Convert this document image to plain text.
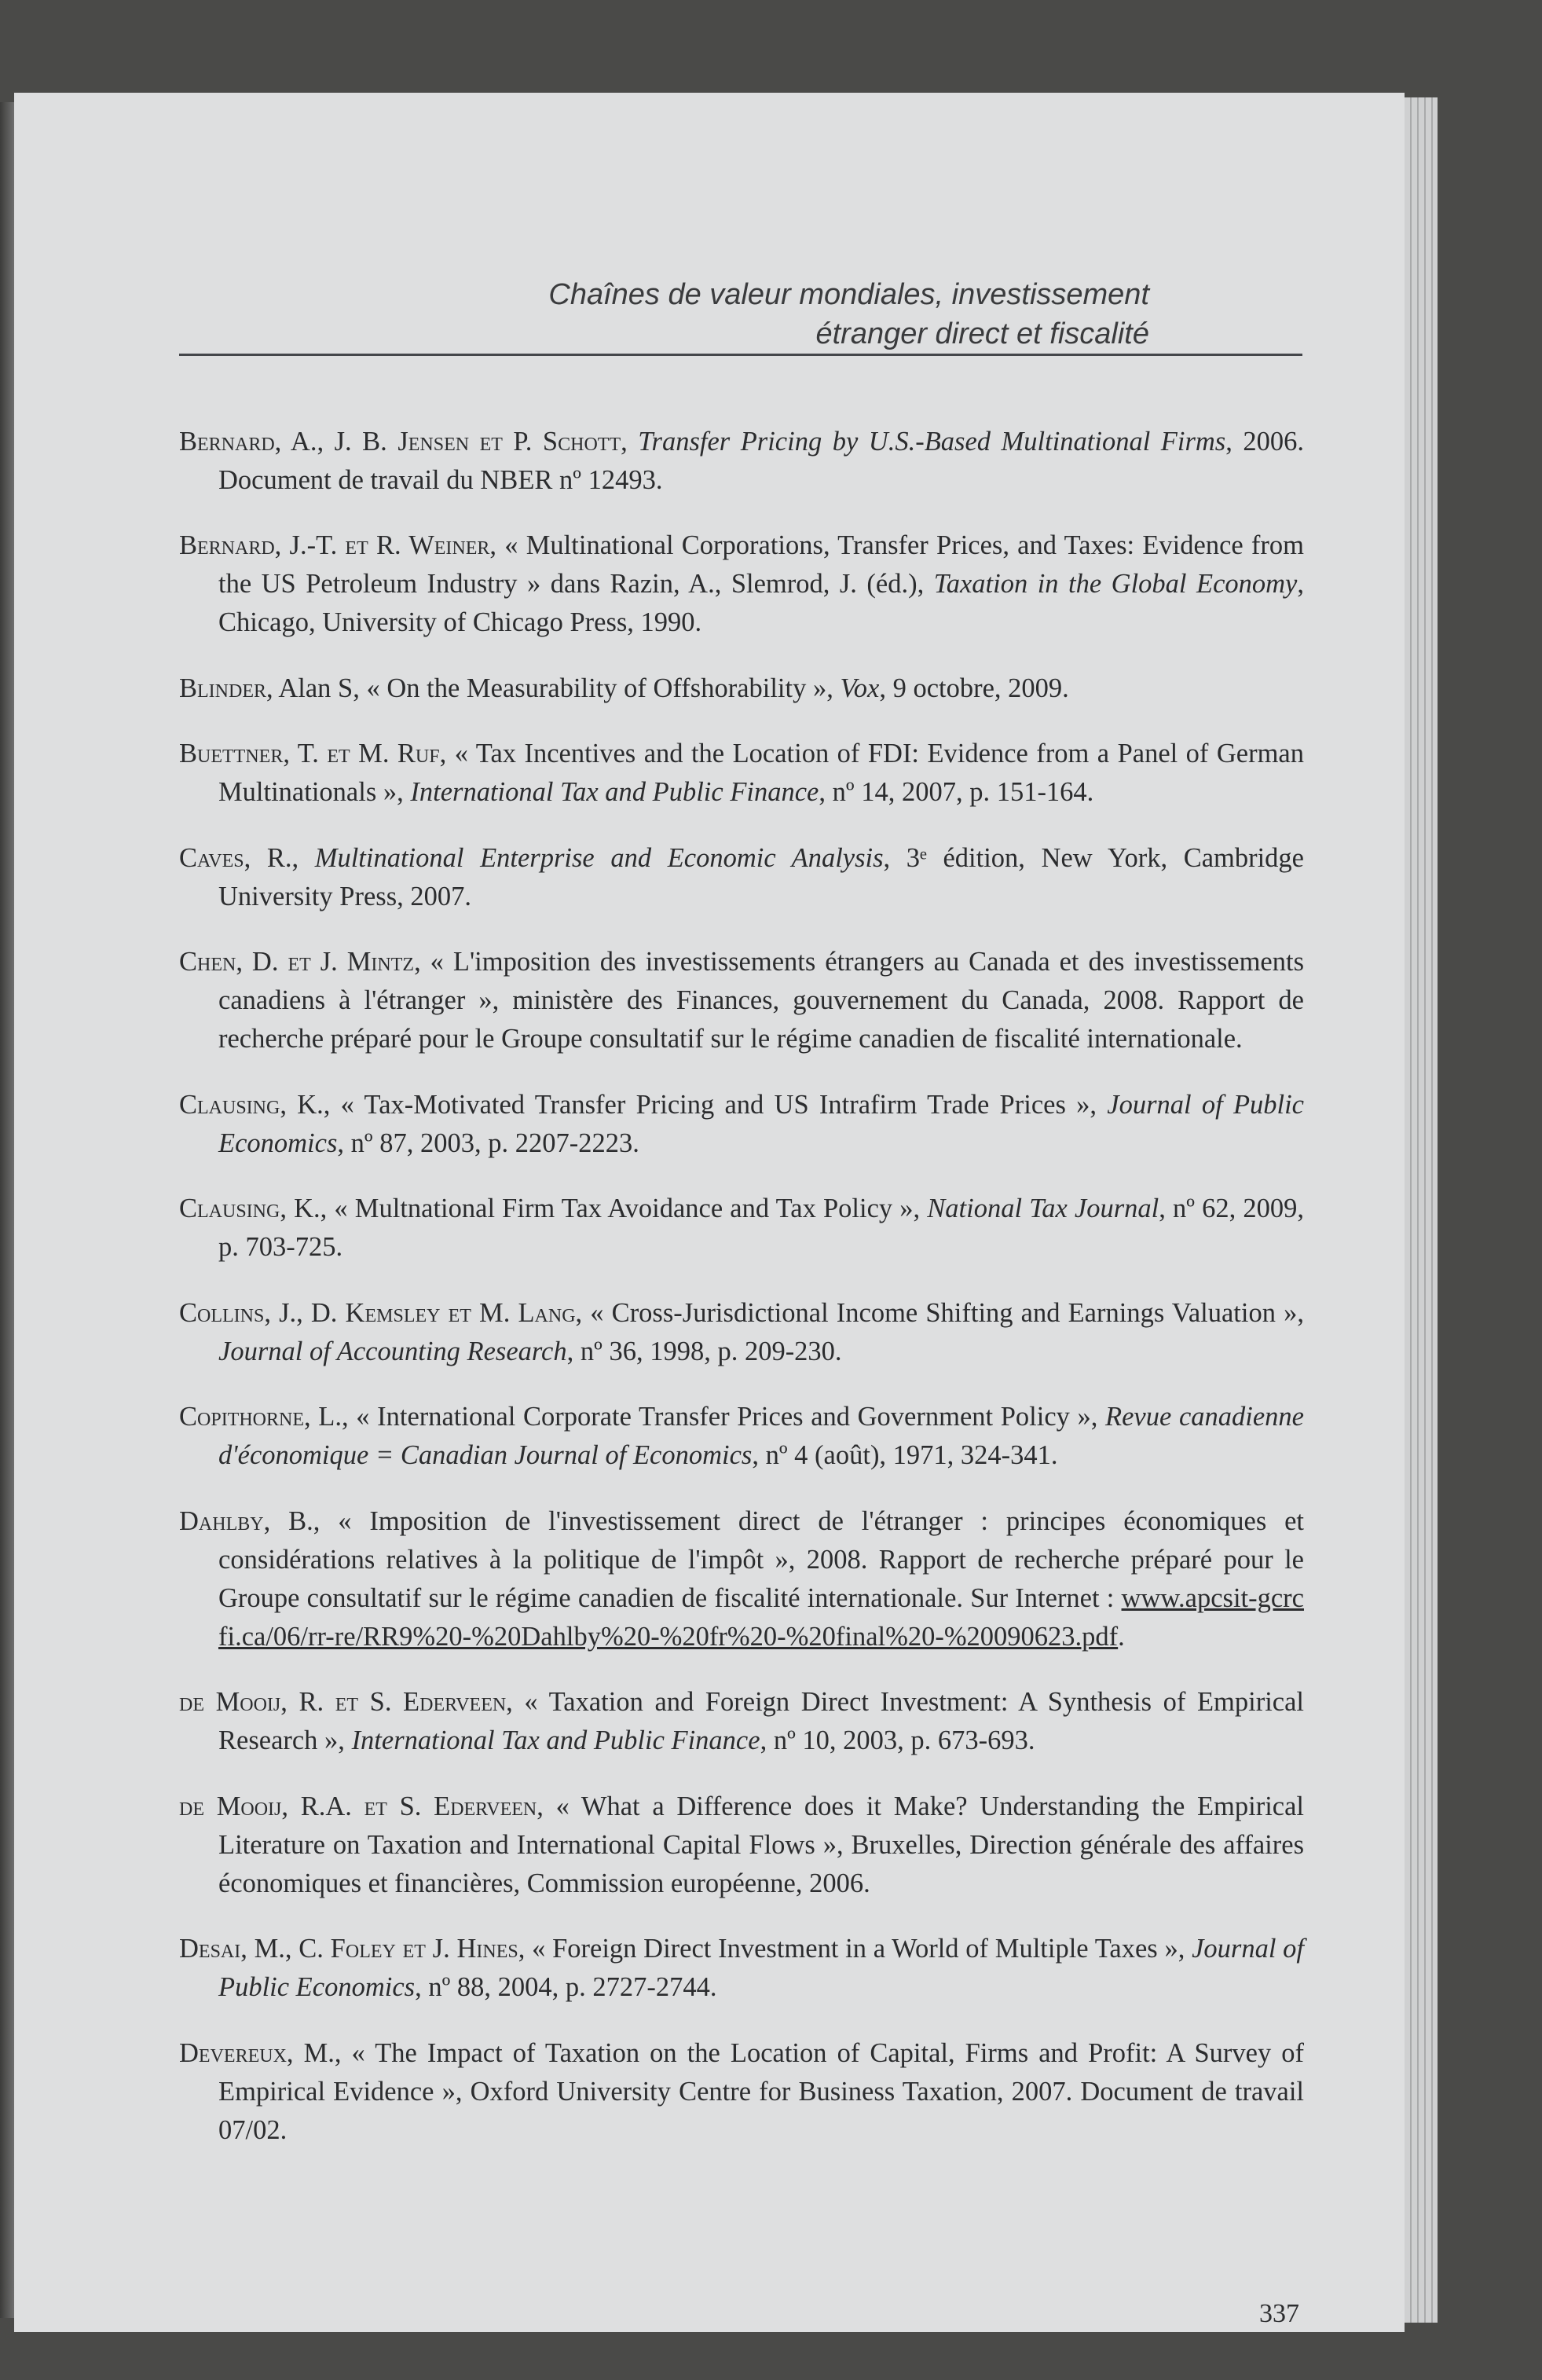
Chaînes de valeur mondiales, investissement
étranger direct et fiscalité

Bernard, A., J. B. Jensen et P. Schott, Transfer Pricing by U.S.-Based Multinational Firms, 2006. Document de travail du NBER nº 12493.

Bernard, J.-T. et R. Weiner, « Multinational Corporations, Transfer Prices, and Taxes: Evidence from the US Petroleum Industry » dans Razin, A., Slemrod, J. (éd.), Taxation in the Global Economy, Chicago, University of Chicago Press, 1990.

Blinder, Alan S, « On the Measurability of Offshorability », Vox, 9 octobre, 2009.

Buettner, T. et M. Ruf, « Tax Incentives and the Location of FDI: Evidence from a Panel of German Multinationals », International Tax and Public Finance, nº 14, 2007, p. 151-164.

Caves, R., Multinational Enterprise and Economic Analysis, 3ᵉ édition, New York, Cambridge University Press, 2007.

Chen, D. et J. Mintz, « L'imposition des investissements étrangers au Canada et des investissements canadiens à l'étranger », ministère des Finances, gouvernement du Canada, 2008. Rapport de recherche préparé pour le Groupe consultatif sur le régime canadien de fiscalité internationale.

Clausing, K., « Tax-Motivated Transfer Pricing and US Intrafirm Trade Prices », Journal of Public Economics, nº 87, 2003, p. 2207-2223.

Clausing, K., « Multnational Firm Tax Avoidance and Tax Policy », National Tax Journal, nº 62, 2009, p. 703-725.

Collins, J., D. Kemsley et M. Lang, « Cross-Jurisdictional Income Shifting and Earnings Valuation », Journal of Accounting Research, nº 36, 1998, p. 209-230.

Copithorne, L., « International Corporate Transfer Prices and Government Policy », Revue canadienne d'économique = Canadian Journal of Economics, nº 4 (août), 1971, 324-341.

Dahlby, B., « Imposition de l'investissement direct de l'étranger : principes économiques et considérations relatives à la politique de l'impôt », 2008. Rapport de recherche préparé pour le Groupe consultatif sur le régime canadien de fiscalité internationale. Sur Internet : www.apcsit-gcrcfi.ca/06/rr-re/RR9%20-%20Dahlby%20-%20fr%20-%20final%20-%20090623.pdf.

de Mooij, R. et S. Ederveen, « Taxation and Foreign Direct Investment: A Synthesis of Empirical Research », International Tax and Public Finance, nº 10, 2003, p. 673-693.

de Mooij, R.A. et S. Ederveen, « What a Difference does it Make? Understanding the Empirical Literature on Taxation and International Capital Flows », Bruxelles, Direction générale des affaires économiques et financières, Commission européenne, 2006.

Desai, M., C. Foley et J. Hines, « Foreign Direct Investment in a World of Multiple Taxes », Journal of Public Economics, nº 88, 2004, p. 2727-2744.

Devereux, M., « The Impact of Taxation on the Location of Capital, Firms and Profit: A Survey of Empirical Evidence », Oxford University Centre for Business Taxation, 2007. Document de travail 07/02.

337
